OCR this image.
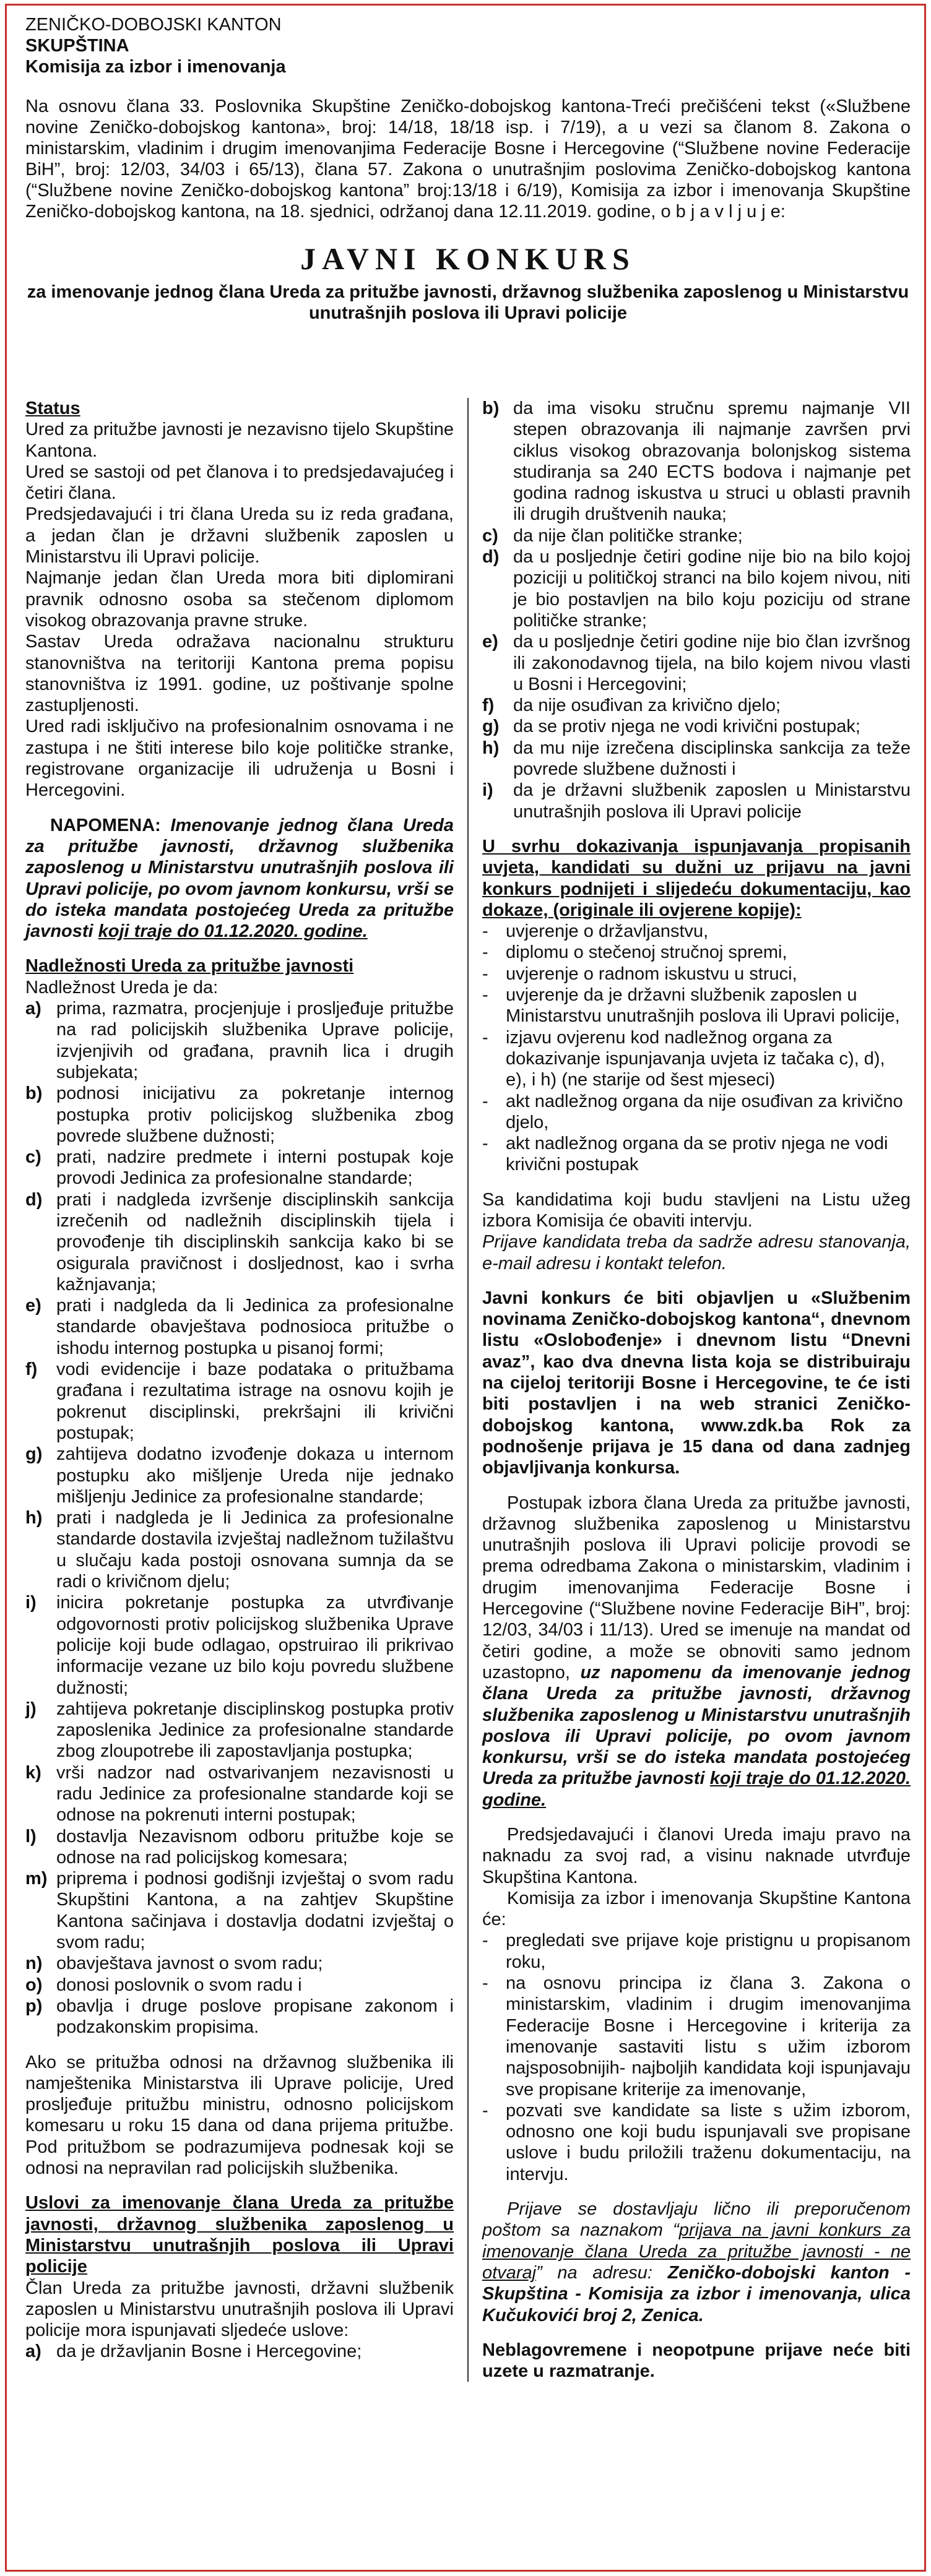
ZENIČKO-DOBOJSKI KANTON
SKUPŠTINA
Komisija za izbor i imenovanja

Na osnovu člana 33. Poslovnika Skupštine Zeničko-dobojskog kantona-Treći prečišćeni tekst («Službene novine Zeničko-dobojskog kantona», broj: 14/18, 18/18 isp. i 7/19), a u vezi sa članom 8. Zakona o ministarskim, vladinim i drugim imenovanjima Federacije Bosne i Hercegovine (“Službene novine Federacije BiH”, broj: 12/03, 34/03 i 65/13), člana 57. Zakona o unutrašnjim poslovima Zeničko-dobojskog kantona (“Službene novine Zeničko-dobojskog kantona” broj:13/18 i 6/19), Komisija za izbor i imenovanja Skupštine Zeničko-dobojskog kantona, na 18. sjednici, održanoj dana 12.11.2019. godine, o b j a v l j u j e:

JAVNI KONKURS
za imenovanje jednog člana Ureda za pritužbe javnosti, državnog službenika zaposlenog u Ministarstvu unutrašnjih poslova ili Upravi policije

Status

Ured za pritužbe javnosti je nezavisno tijelo Skupštine Kantona.

Ured se sastoji od pet članova i to predsjedavajućeg i četiri člana.

Predsjedavajući i tri člana Ureda su iz reda građana, a jedan član je državni službenik zaposlen u Ministarstvu ili Upravi policije.

Najmanje jedan član Ureda mora biti diplomirani pravnik odnosno osoba sa stečenom diplomom visokog obrazovanja pravne struke.

Sastav Ureda odražava nacionalnu strukturu stanovništva na teritoriji Kantona prema popisu stanovništva iz 1991. godine, uz poštivanje spolne zastupljenosti.

Ured radi isključivo na profesionalnim osnovama i ne zastupa i ne štiti interese bilo koje političke stranke, registrovane organizacije ili udruženja u Bosni i Hercegovini.

NAPOMENA: Imenovanje jednog člana Ureda za pritužbe javnosti, državnog službenika zaposlenog u Ministarstvu unutrašnjih poslova ili Upravi policije, po ovom javnom konkursu, vrši se do isteka mandata postojećeg Ureda za pritužbe javnosti koji traje do 01.12.2020. godine.

Nadležnosti Ureda za pritužbe javnosti

Nadležnost Ureda je da:

a) prima, razmatra, procjenjuje i prosljeđuje pritužbe na rad policijskih službenika Uprave policije, izvjenjivih od građana, pravnih lica i drugih subjekata;
b) podnosi inicijativu za pokretanje internog postupka protiv policijskog službenika zbog povrede službene dužnosti;
c) prati, nadzire predmete i interni postupak koje provodi Jedinica za profesionalne standarde;
d) prati i nadgleda izvršenje disciplinskih sankcija izrečenih od nadležnih disciplinskih tijela i provođenje tih disciplinskih sankcija kako bi se osigurala pravičnost i dosljednost, kao i svrha kažnjavanja;
e) prati i nadgleda da li Jedinica za profesionalne standarde obavještava podnosioca pritužbe o ishodu internog postupka u pisanoj formi;
f)	vodi evidencije i baze podataka o pritužbama građana i rezultatima istrage na osnovu kojih je pokrenut disciplinski, prekršajni ili krivični postupak;
g) zahtijeva dodatno izvođenje dokaza u internom postupku ako mišljenje Ureda nije jednako mišljenju Jedinice za profesionalne standarde;
h) prati i nadgleda je li Jedinica za profesionalne standarde dostavila izvještaj nadležnom tužilaštvu u slučaju kada postoji osnovana sumnja da se radi o krivičnom djelu;
i)	inicira pokretanje postupka za utvrđivanje odgovornosti protiv policijskog službenika Uprave policije koji bude odlagao, opstruirao ili prikrivao informacije vezane uz bilo koju povredu službene dužnosti;
j)	zahtijeva pokretanje disciplinskog postupka protiv zaposlenika Jedinice za profesionalne standarde zbog zloupotrebe ili zapostavljanja postupka;
k) vrši nadzor nad ostvarivanjem nezavisnosti u radu Jedinice za profesionalne standarde koji se odnose na pokrenuti interni postupak;
l)	dostavlja Nezavisnom odboru pritužbe koje se odnose na rad policijskog komesara;
m) priprema i podnosi godišnji izvještaj o svom radu Skupštini Kantona, a na zahtjev Skupštine Kantona sačinjava i dostavlja dodatni izvještaj o svom radu;
n) obavještava javnost o svom radu;
o) donosi poslovnik o svom radu i
p) obavlja i druge poslove propisane zakonom i podzakonskim propisima.

Ako se pritužba odnosi na državnog službenika ili namještenika Ministarstva ili Uprave policije, Ured prosljeđuje pritužbu ministru, odnosno policijskom komesaru u roku 15 dana od dana prijema pritužbe. Pod pritužbom se podrazumijeva podnesak koji se odnosi na nepravilan rad policijskih službenika.

Uslovi za imenovanje člana Ureda za pritužbe javnosti, državnog službenika zaposlenog u Ministarstvu unutrašnjih poslova ili Upravi policije

Član Ureda za pritužbe javnosti, državni službenik zaposlen u Ministarstvu unutrašnjih poslova ili Upravi policije mora ispunjavati sljedeće uslove:

a) da je državljanin Bosne i Hercegovine;
b) da ima visoku stručnu spremu najmanje VII stepen obrazovanja ili najmanje završen prvi ciklus visokog obrazovanja bolonjskog sistema studiranja sa 240 ECTS bodova i najmanje pet godina radnog iskustva u struci u oblasti pravnih ili drugih društvenih nauka;
c) da nije član političke stranke;
d) da u posljednje četiri godine nije bio na bilo kojoj poziciji u političkoj stranci na bilo kojem nivou, niti je bio postavljen na bilo koju poziciju od strane političke stranke;
e) da u posljednje četiri godine nije bio član izvršnog ili zakonodavnog tijela, na bilo kojem nivou vlasti u Bosni i Hercegovini;
f)	da nije osuđivan za krivično djelo;
g) da se protiv njega ne vodi krivični postupak;
h) da mu nije izrečena disciplinska sankcija za teže povrede službene dužnosti i
i)	da je državni službenik zaposlen u Ministarstvu unutrašnjih poslova ili Upravi policije

U svrhu dokazivanja ispunjavanja propisanih uvjeta, kandidati su dužni uz prijavu na javni konkurs podnijeti i slijedeću dokumentaciju, kao dokaze, (originale ili ovjerene kopije):

- uvjerenje o državljanstvu,
- diplomu o stečenoj stručnoj spremi,
- uvjerenje o radnom iskustvu u struci,
- uvjerenje da je državni službenik zaposlen u Ministarstvu unutrašnjih poslova ili Upravi policije,
- izjavu ovjerenu kod nadležnog organa za dokazivanje ispunjavanja uvjeta iz tačaka c), d), e), i h) (ne starije od šest mjeseci)
- akt nadležnog organa da nije osuđivan za krivično djelo,
- akt nadležnog organa da se protiv njega ne vodi krivični postupak

Sa kandidatima koji budu stavljeni na Listu užeg izbora Komisija će obaviti intervju.

Prijave kandidata treba da sadrže adresu stanovanja, e-mail adresu i kontakt telefon.

Javni konkurs će biti objavljen u «Službenim novinama Zeničko-dobojskog kantona“, dnevnom listu «Oslobođenje» i dnevnom listu “Dnevni avaz”, kao dva dnevna lista koja se distribuiraju na cijeloj teritoriji Bosne i Hercegovine, te će isti biti postavljen i na web stranici Zeničko-dobojskog kantona, www.zdk.ba Rok za podnošenje prijava je 15 dana od dana zadnjeg objavljivanja konkursa.

Postupak izbora člana Ureda za pritužbe javnosti, državnog službenika zaposlenog u Ministarstvu unutrašnjih poslova ili Upravi policije provodi se prema odredbama Zakona o ministarskim, vladinim i drugim imenovanjima Federacije Bosne i Hercegovine (“Službene novine Federacije BiH”, broj: 12/03, 34/03 i 11/13). Ured se imenuje na mandat od četiri godine, a može se obnoviti samo jednom uzastopno, uz napomenu da imenovanje jednog člana Ureda za pritužbe javnosti, državnog službenika zaposlenog u Ministarstvu unutrašnjih poslova ili Upravi policije, po ovom javnom konkursu, vrši se do isteka mandata postojećeg Ureda za pritužbe javnosti koji traje do 01.12.2020. godine.

Predsjedavajući i članovi Ureda imaju pravo na naknadu za svoj rad, a visinu naknade utvrđuje Skupština Kantona.

Komisija za izbor i imenovanja Skupštine Kantona će:

- pregledati sve prijave koje pristignu u propisanom roku,
- na osnovu principa iz člana 3. Zakona o ministarskim, vladinim i drugim imenovanjima Federacije Bosne i Hercegovine i kriterija za imenovanje sastaviti listu s užim izborom najsposobnijih- najboljih kandidata koji ispunjavaju sve propisane kriterije za imenovanje,
- pozvati sve kandidate sa liste s užim izborom, odnosno one koji budu ispunjavali sve propisane uslove i budu priložili traženu dokumentaciju, na intervju.

Prijave se dostavljaju lično ili preporučenom poštom sa naznakom “prijava na javni konkurs za imenovanje člana Ureda za pritužbe javnosti - ne otvaraj” na adresu: Zeničko-dobojski kanton - Skupština - Komisija za izbor i imenovanja, ulica Kučukovići broj 2, Zenica.

Neblagovremene i neopotpune prijave neće biti uzete u razmatranje.
